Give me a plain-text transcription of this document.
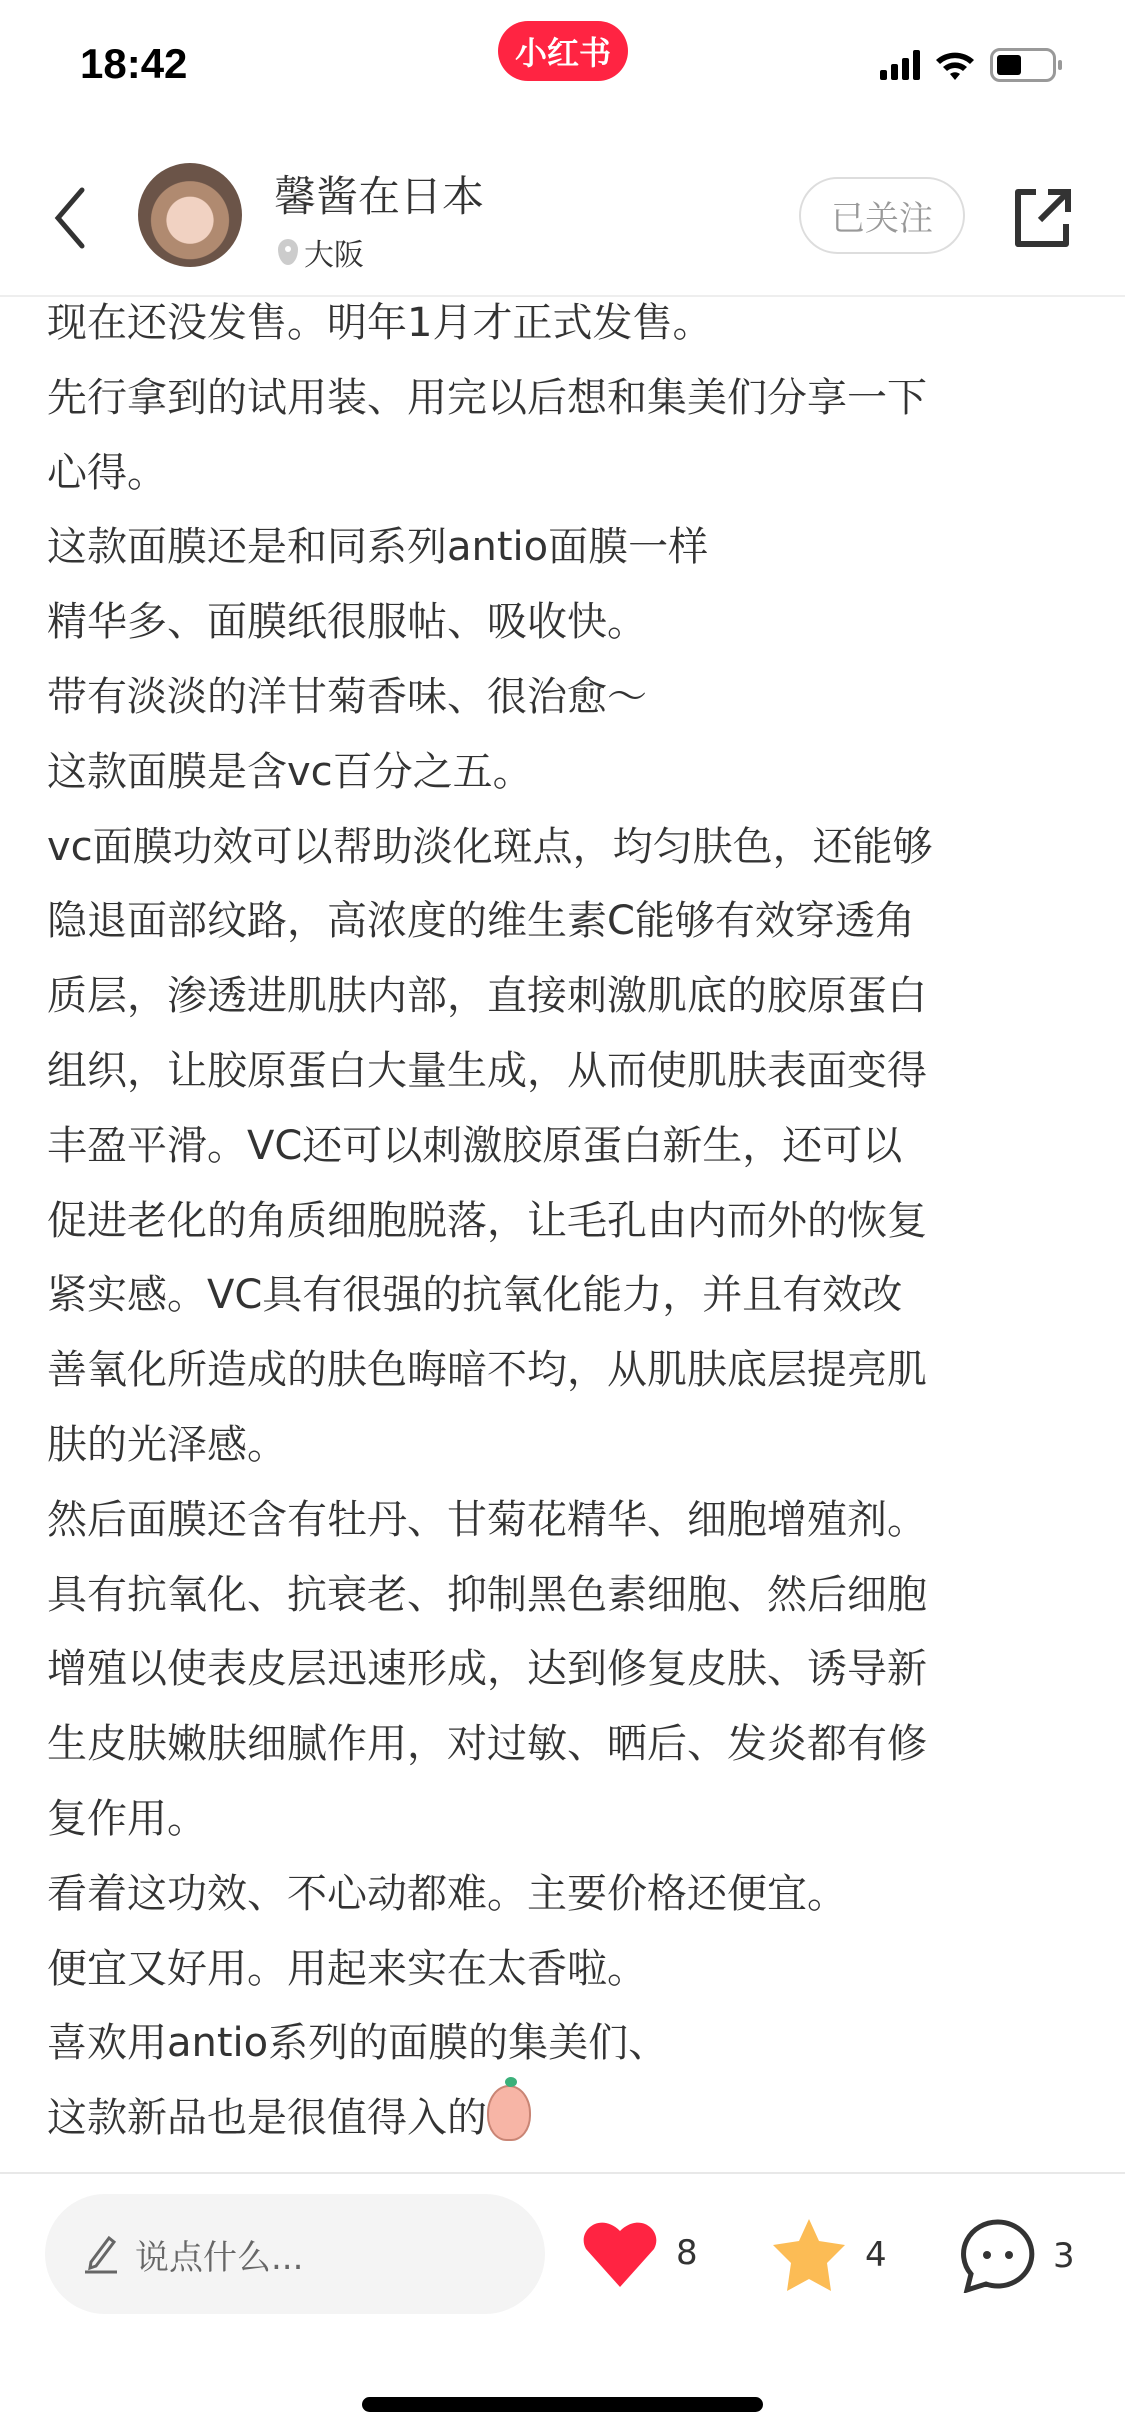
18:42	小红书
馨酱在日本
大阪
已关注
现在还没发售。明年1月才正式发售。
先行拿到的试用装、用完以后想和集美们分享一下
心得。
这款面膜还是和同系列antio面膜一样
精华多、面膜纸很服帖、吸收快。
带有淡淡的洋甘菊香味、很治愈～
这款面膜是含vc百分之五。
vc面膜功效可以帮助淡化斑点，均匀肤色，还能够
隐退面部纹路，高浓度的维生素C能够有效穿透角
质层，渗透进肌肤内部，直接刺激肌底的胶原蛋白
组织，让胶原蛋白大量生成，从而使肌肤表面变得
丰盈平滑。VC还可以刺激胶原蛋白新生，还可以
促进老化的角质细胞脱落，让毛孔由内而外的恢复
紧实感。VC具有很强的抗氧化能力，并且有效改
善氧化所造成的肤色晦暗不均，从肌肤底层提亮肌
肤的光泽感。
然后面膜还含有牡丹、甘菊花精华、细胞增殖剂。
具有抗氧化、抗衰老、抑制黑色素细胞、然后细胞
增殖以使表皮层迅速形成，达到修复皮肤、诱导新
生皮肤嫩肤细腻作用，对过敏、晒后、发炎都有修
复作用。
看着这功效、不心动都难。主要价格还便宜。
便宜又好用。用起来实在太香啦。
喜欢用antio系列的面膜的集美们、
这款新品也是很值得入的
说点什么...	8	4	3
